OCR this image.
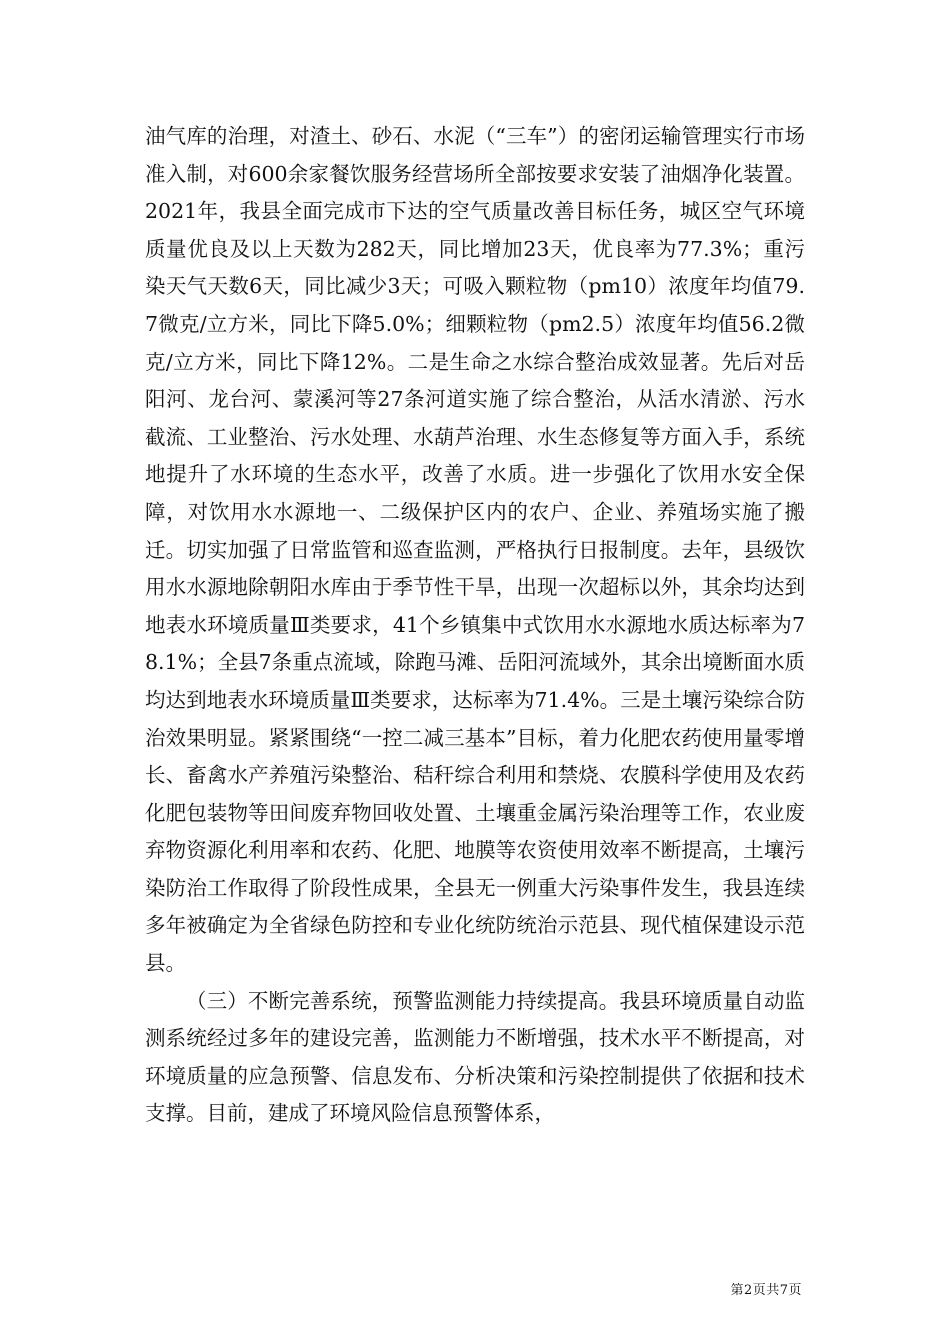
油气库的治理，对渣土、砂石、水泥（“三车”）的密闭运输管理实行市场准入制，对600余家餐饮服务经营场所全部按要求安装了油烟净化装置。2021年，我县全面完成市下达的空气质量改善目标任务，城区空气环境质量优良及以上天数为282天，同比增加23天，优良率为77.3%；重污染天气天数6天，同比减少3天；可吸入颗粒物（pm10）浓度年均值79.7微克/立方米，同比下降5.0%；细颗粒物（pm2.5）浓度年均值56.2微克/立方米，同比下降12%。二是生命之水综合整治成效显著。先后对岳阳河、龙台河、蒙溪河等27条河道实施了综合整治，从活水清淤、污水截流、工业整治、污水处理、水葫芦治理、水生态修复等方面入手，系统地提升了水环境的生态水平，改善了水质。进一步强化了饮用水安全保障，对饮用水水源地一、二级保护区内的农户、企业、养殖场实施了搬迁。切实加强了日常监管和巡查监测，严格执行日报制度。去年，县级饮用水水源地除朝阳水库由于季节性干旱，出现一次超标以外，其余均达到地表水环境质量Ⅲ类要求，41个乡镇集中式饮用水水源地水质达标率为78.1%；全县7条重点流域，除跑马滩、岳阳河流域外，其余出境断面水质均达到地表水环境质量Ⅲ类要求，达标率为71.4%。三是土壤污染综合防治效果明显。紧紧围绕“一控二减三基本”目标，着力化肥农药使用量零增长、畜禽水产养殖污染整治、秸秆综合利用和禁烧、农膜科学使用及农药化肥包装物等田间废弃物回收处置、土壤重金属污染治理等工作，农业废弃物资源化利用率和农药、化肥、地膜等农资使用效率不断提高，土壤污染防治工作取得了阶段性成果，全县无一例重大污染事件发生，我县连续多年被确定为全省绿色防控和专业化统防统治示范县、现代植保建设示范县。

（三）不断完善系统，预警监测能力持续提高。我县环境质量自动监测系统经过多年的建设完善，监测能力不断增强，技术水平不断提高，对环境质量的应急预警、信息发布、分析决策和污染控制提供了依据和技术支撑。目前，建成了环境风险信息预警体系，

第2页共7页
